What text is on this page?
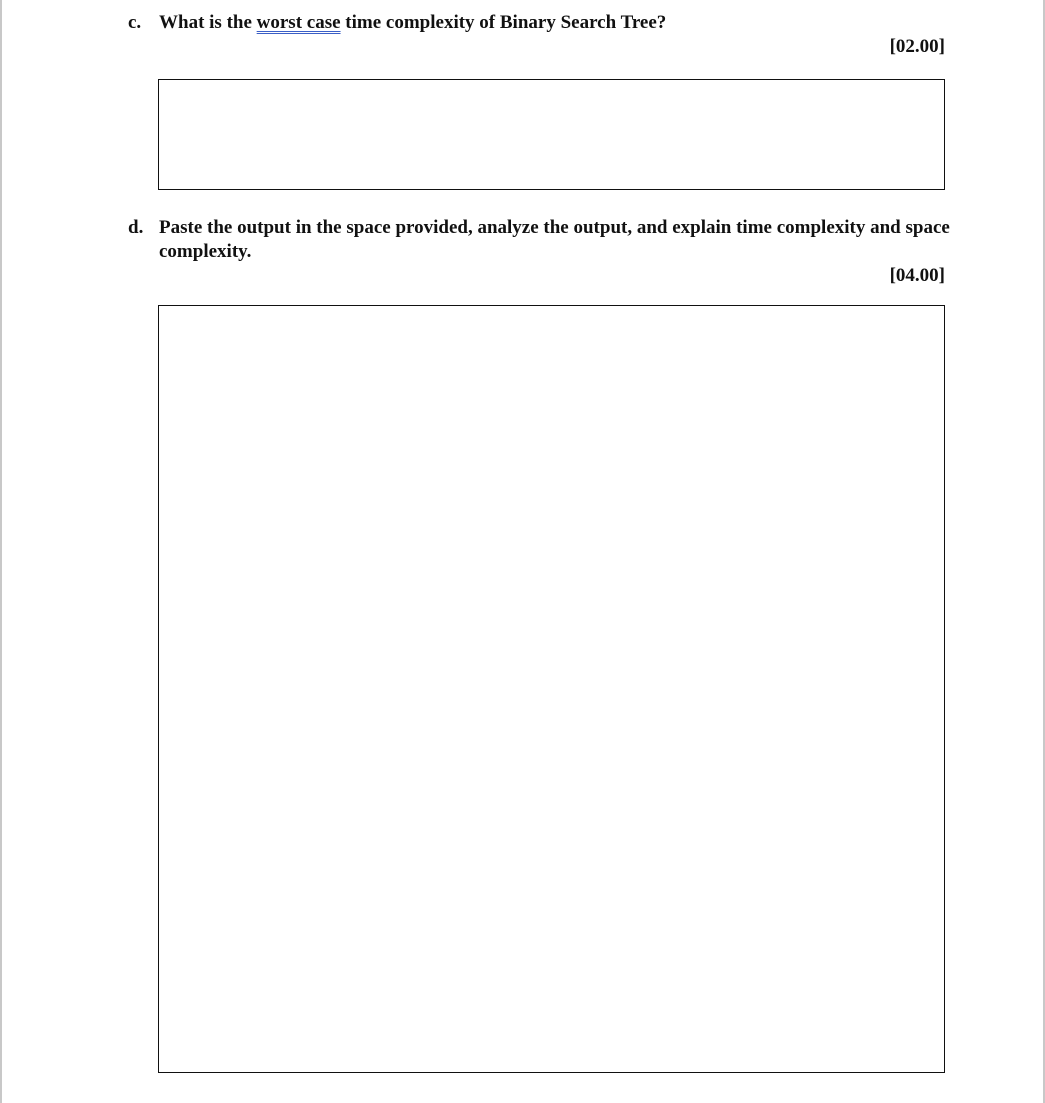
c. What is the worst case time complexity of Binary Search Tree?

[02.00]
d. Paste the output in the space provided, analyze the output, and explain time complexity and space complexity.

[04.00]
